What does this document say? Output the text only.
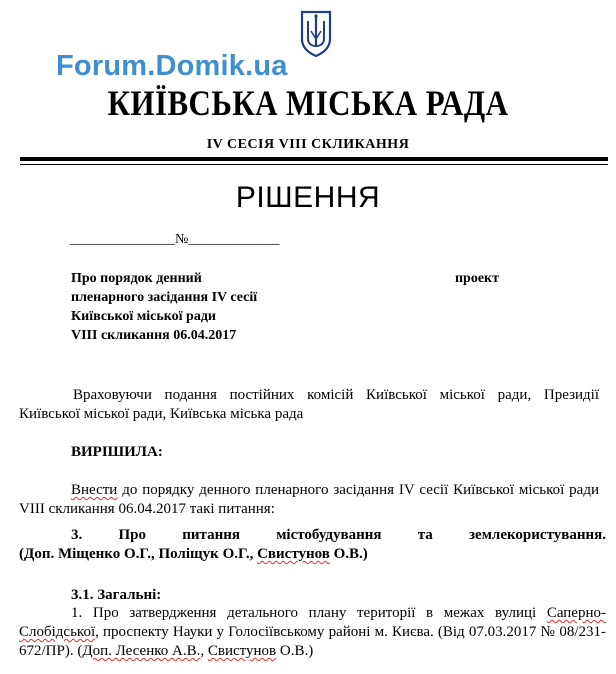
Forum.Domik.ua
КИЇВСЬКА МІСЬКА РАДА
IV СЕСІЯ VIII СКЛИКАННЯ
РІШЕННЯ
_______________№_____________
Про порядок денний	проект
пленарного засідання IV сесії
Київської міської ради
VIII скликання 06.04.2017
Враховуючи подання постійних комісій Київської міської ради, Президії Київської міської ради, Київська міська рада
ВИРІШИЛА:
Внести до порядку денного пленарного засідання IV сесії Київської міської ради VIII скликання 06.04.2017 такі питання:
3. Про питання містобудування та землекористування.
(Доп. Міщенко О.Г., Поліщук О.Г., Свистунов О.В.)
3.1. Загальні:
1. Про затвердження детального плану території в межах вулиці Саперно-Слобідської, проспекту Науки у Голосіївському районі м. Києва. (Від 07.03.2017 № 08/231-672/ПР). (Доп. Лесенко А.В., Свистунов О.В.)
